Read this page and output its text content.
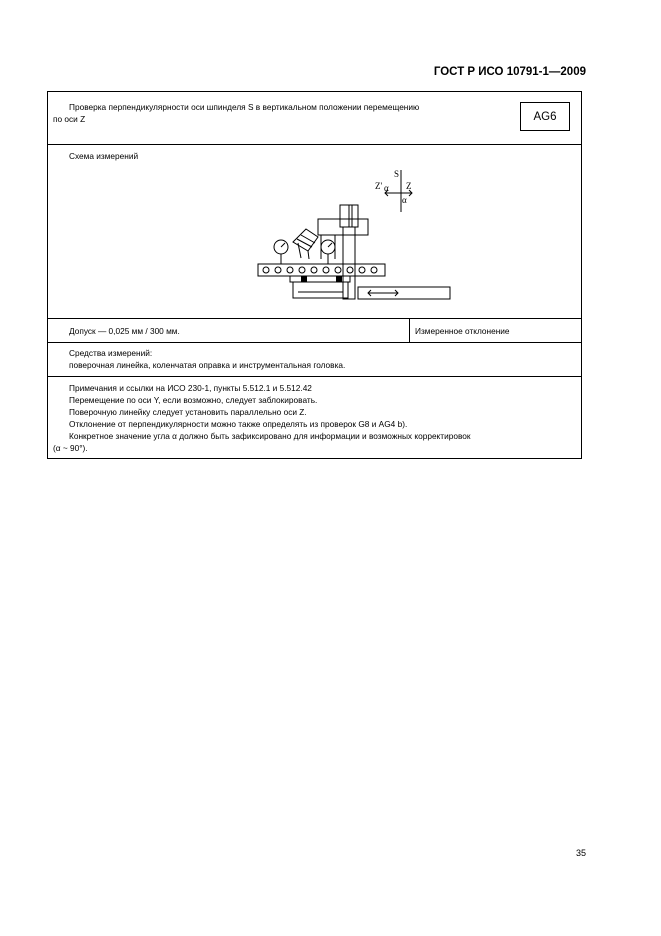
ГОСТ Р ИСО 10791-1—2009
Проверка перпендикулярности оси шпинделя S в вертикальном положении перемещению
по оси Z	AG6
Схема измерений
S
Z' α Z
α
Допуск — 0,025 мм / 300 мм.	Измеренное отклонение
Средства измерений:
поверочная линейка, коленчатая оправка и инструментальная головка.
Примечания и ссылки на ИСО 230-1, пункты 5.512.1 и 5.512.42
Перемещение по оси Y, если возможно, следует заблокировать.
Поверочную линейку следует установить параллельно оси Z.
Отклонение от перпендикулярности можно также определять из проверок G8 и AG4 b).
Конкретное значение угла α должно быть зафиксировано для информации и возможных корректировок
(α ~ 90°).
35
